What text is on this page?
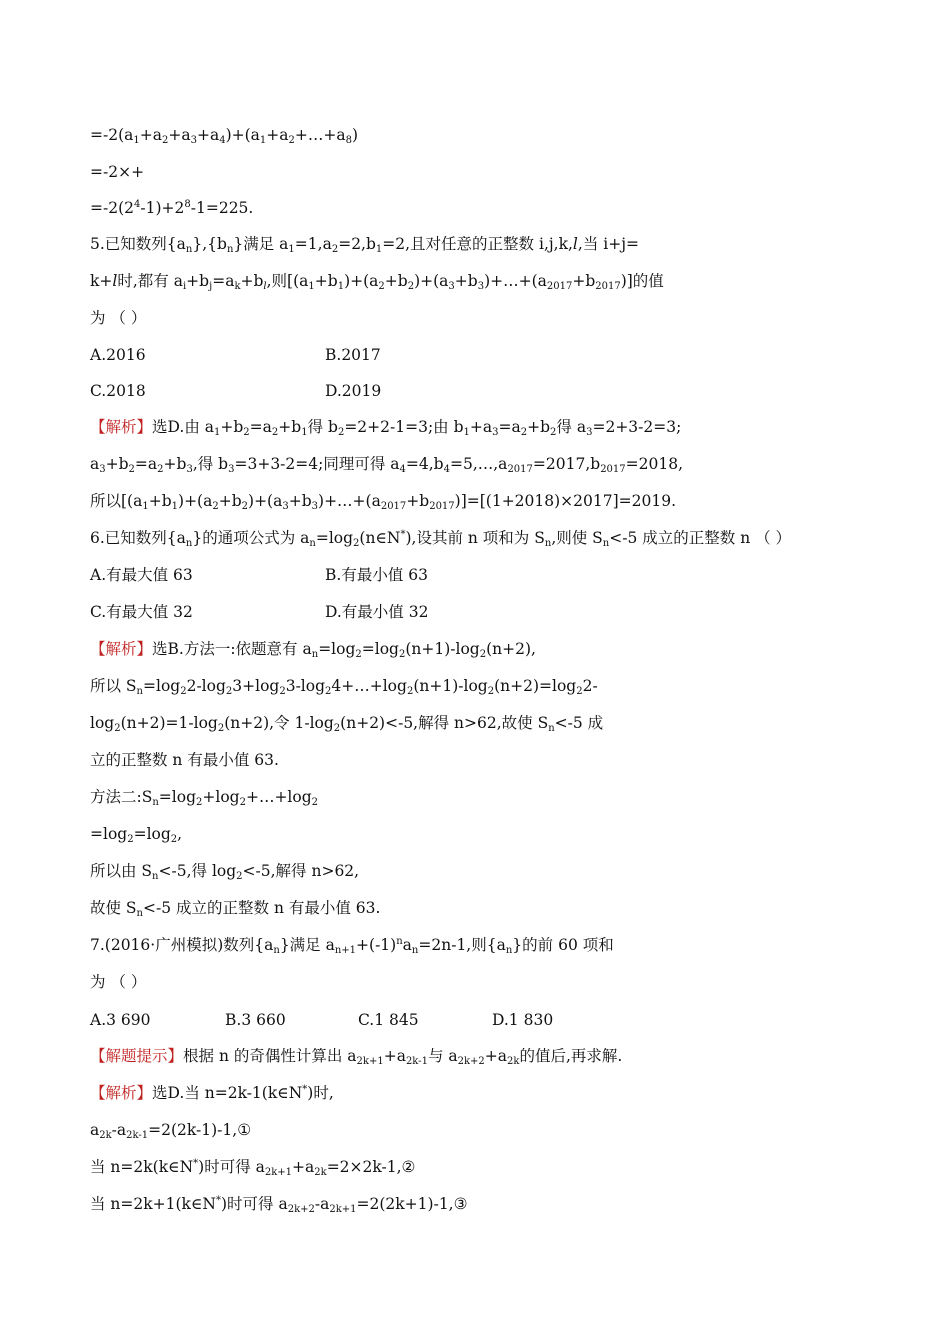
$=-2(a_1+a_2+a_3+a_4)+(a_1+a_2+\dots+a_8)$
=-2×+
$=-2(2^4-1)+2^8-1=225$.
5.已知数列$\{a_n\},\{b_n\}$满足 $a_1=1,a_2=2,b_1=2$,且对任意的正整数 i,j,k,l,当 i+j=
k+l时,都有 $a_i+b_j=a_k+b_l$,则$[(a_1+b_1)+(a_2+b_2)+(a_3+b_3)+\dots+(a_{2017}+b_{2017})]$的值
为 （ ）
A.2016	B.2017
C.2018	D.2019
【解析】选D.由 $a_1+b_2=a_2+b_1$得 $b_2=2+2-1=3$;由 $b_1+a_3=a_2+b_2$得 $a_3=2+3-2=3$;
$a_3+b_2=a_2+b_3$,得 $b_3=3+3-2=4$;同理可得 $a_4=4,b_4=5,\dots,a_{2017}=2017,b_{2017}=2018$,
所以$[(a_1+b_1)+(a_2+b_2)+(a_3+b_3)+\dots+(a_{2017}+b_{2017})]=[(1+2018)\times 2017]=2019$.
6.已知数列$\{a_n\}$的通项公式为 $a_n=\log_2(n\in N^*)$,设其前 n 项和为 $S_n$,则使 $S_n<-5$ 成立的正整数 n （ ）
A.有最大值 63	B.有最小值 63
C.有最大值 32	D.有最小值 32
【解析】选B.方法一:依题意有 $a_n=\log_2=\log_2(n+1)-\log_2(n+2)$,
所以 $S_n=\log_22-\log_23+\log_23-\log_24+\dots+\log_2(n+1)-\log_2(n+2)=\log_22-$
$\log_2(n+2)=1-\log_2(n+2)$,令 $1-\log_2(n+2)<-5$,解得 n>62,故使 $S_n<-5$ 成
立的正整数 n 有最小值 63.
方法二$:S_n=\log_2+\log_2+\dots+\log_2$
$=\log_2=\log_2$,
所以由 $S_n<-5$,得 $\log_2<-5$,解得 n>62,
故使 $S_n<-5$ 成立的正整数 n 有最小值 63.
7.(2016·广州模拟)数列$\{a_n\}$满足 $a_{n+1}+(-1)^na_n=2n-1$,则$\{a_n\}$的前 60 项和
为 （ ）
A.3 690	B.3 660	C.1 845	D.1 830
【解题提示】根据 n 的奇偶性计算出 $a_{2k+1}+a_{2k-1}$与 $a_{2k+2}+a_{2k}$的值后,再求解.
【解析】选D.当 n=2k-1(k∈N*)时,
$a_{2k}-a_{2k-1}=2(2k-1)-1,①$
当 n=2k(k∈N*)时可得 $a_{2k+1}+a_{2k}=2\times 2k-1,②$
当 n=2k+1(k∈N*)时可得 $a_{2k+2}-a_{2k+1}=2(2k+1)-1,③$
